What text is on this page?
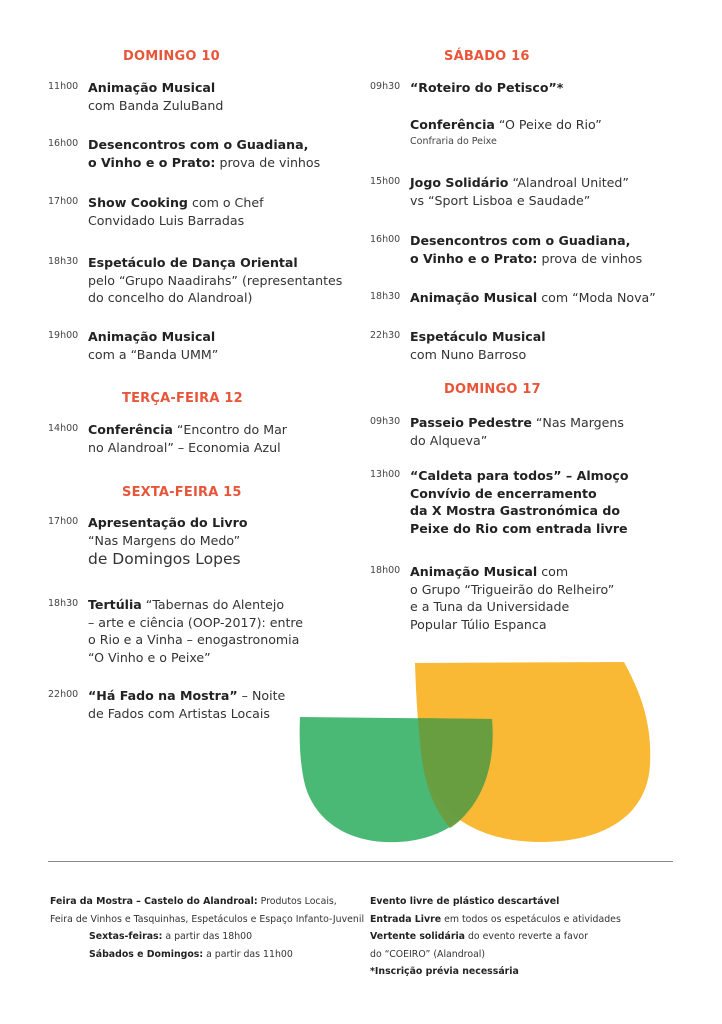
DOMINGO 10
11h00 Animação Musical
com Banda ZuluBand
16h00 Desencontros com o Guadiana,
o Vinho e o Prato: prova de vinhos
17h00 Show Cooking com o Chef
Convidado Luis Barradas
18h30 Espetáculo de Dança Oriental
pelo “Grupo Naadirahs” (representantes
do concelho do Alandroal)
19h00 Animação Musical
com a “Banda UMM”
TERÇA-FEIRA 12
14h00 Conferência “Encontro do Mar
no Alandroal” – Economia Azul
SEXTA-FEIRA 15
17h00 Apresentação do Livro
“Nas Margens do Medo”
de Domingos Lopes
18h30 Tertúlia “Tabernas do Alentejo
– arte e ciência (OOP-2017): entre
o Rio e a Vinha – enogastronomia
“O Vinho e o Peixe”
22h00 “Há Fado na Mostra” – Noite
de Fados com Artistas Locais
SÁBADO 16
09h30 “Roteiro do Petisco”*
Conferência “O Peixe do Rio”
Confraria do Peixe
15h00 Jogo Solidário “Alandroal United”
vs “Sport Lisboa e Saudade”
16h00 Desencontros com o Guadiana,
o Vinho e o Prato: prova de vinhos
18h30 Animação Musical com “Moda Nova”
22h30 Espetáculo Musical
com Nuno Barroso
DOMINGO 17
09h30 Passeio Pedestre “Nas Margens
do Alqueva”
13h00 “Caldeta para todos” – Almoço
Convívio de encerramento
da X Mostra Gastronómica do
Peixe do Rio com entrada livre
18h00 Animação Musical com
o Grupo “Trigueirão do Relheiro”
e a Tuna da Universidade
Popular Túlio Espanca
Feira da Mostra – Castelo do Alandroal: Produtos Locais,
Feira de Vinhos e Tasquinhas, Espetáculos e Espaço Infanto-Juvenil
Sextas-feiras: a partir das 18h00
Sábados e Domingos: a partir das 11h00
Evento livre de plástico descartável
Entrada Livre em todos os espetáculos e atividades
Vertente solidária do evento reverte a favor
do “COEIRO” (Alandroal)
*Inscrição prévia necessária
